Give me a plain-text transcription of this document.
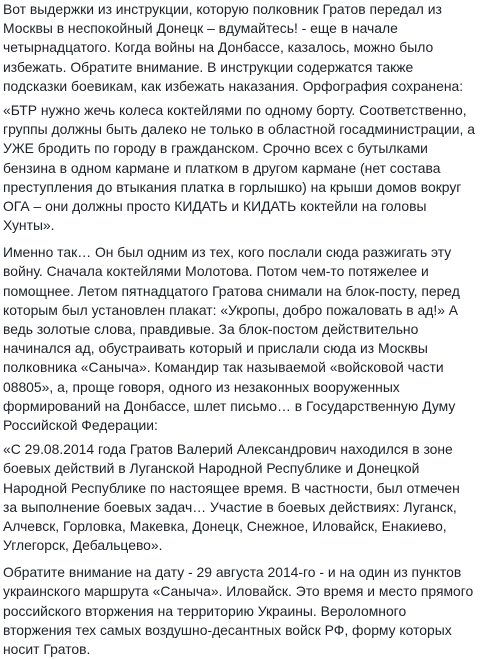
Вот выдержки из инструкции, которую полковник Гратов передал из
Москвы в неспокойный Донецк – вдумайтесь! - еще в начале
четырнадцатого. Когда войны на Донбассе, казалось, можно было
избежать. Обратите внимание. В инструкции содержатся также
подсказки боевикам, как избежать наказания. Орфография сохранена:

«БТР нужно жечь колеса коктейлями по одному борту. Соответственно,
группы должны быть далеко не только в областной госадминистрации, а
УЖЕ бродить по городу в гражданском. Срочно всех с бутылками
бензина в одном кармане и платком в другом кармане (нет состава
преступления до втыкания платка в горлышко) на крыши домов вокруг
ОГА – они должны просто КИДАТЬ и КИДАТЬ коктейли на головы
Хунты».

Именно так… Он был одним из тех, кого послали сюда разжигать эту
войну. Сначала коктейлями Молотова. Потом чем-то потяжелее и
помощнее. Летом пятнадцатого Гратова снимали на блок-посту, перед
которым был установлен плакат: «Укропы, добро пожаловать в ад!» А
ведь золотые слова, правдивые. За блок-постом действительно
начинался ад, обустраивать который и прислали сюда из Москвы
полковника «Саныча». Командир так называемой «войсковой части
08805», а, проще говоря, одного из незаконных вооруженных
формирований на Донбассе, шлет письмо… в Государственную Думу
Российской Федерации:

«С 29.08.2014 года Гратов Валерий Александрович находился в зоне
боевых действий в Луганской Народной Республике и Донецкой
Народной Республике по настоящее время. В частности, был отмечен
за выполнение боевых задач… Участие в боевых действиях: Луганск,
Алчевск, Горловка, Макевка, Донецк, Снежное, Иловайск, Енакиево,
Углегорск, Дебальцево».

Обратите внимание на дату - 29 августа 2014-го - и на один из пунктов
украинского маршрута «Саныча». Иловайск. Это время и место прямого
российского вторжения на территорию Украины. Вероломного
вторжения тех самых воздушно-десантных войск РФ, форму которых
носит Гратов.
